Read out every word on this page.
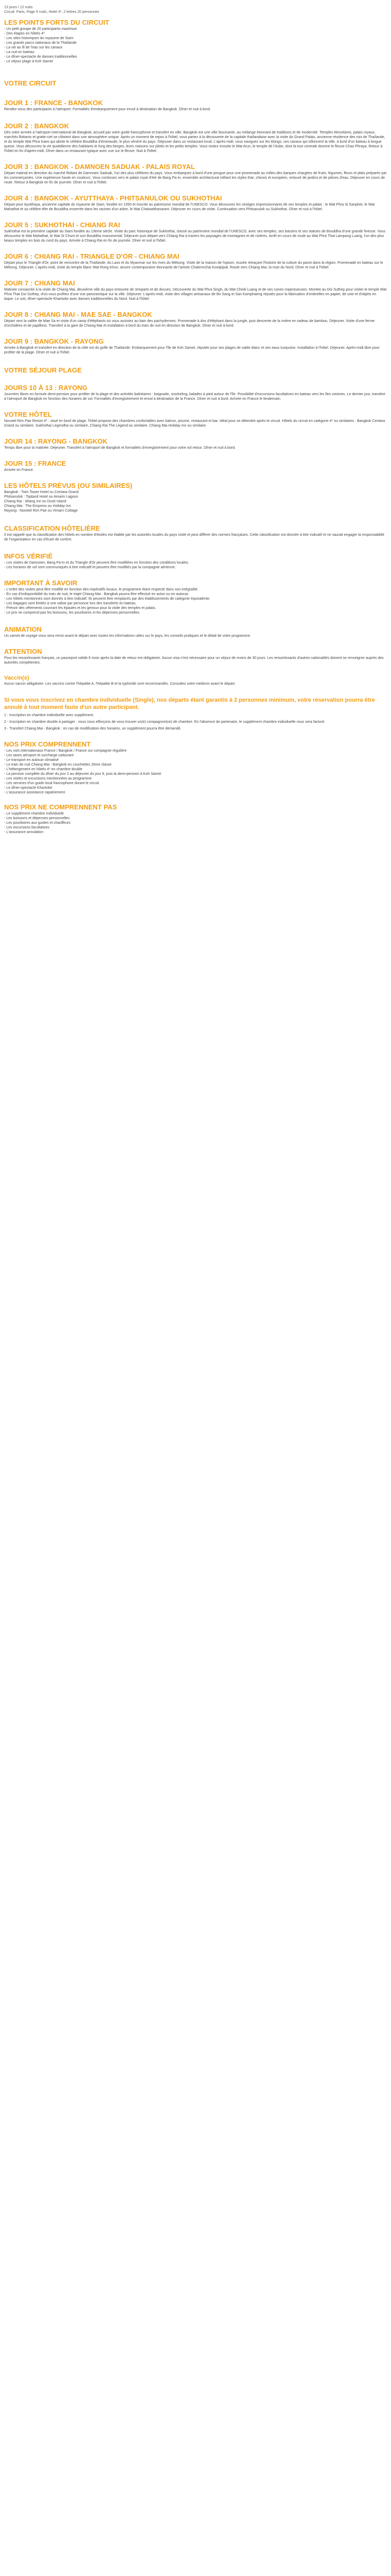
13 jours / 12 nuits

Circuit: Paris, Page 5 nuits, Hotel 4*, 2 lettres 20 personnes

LES POINTS FORTS DU CIRCUIT

- Un petit groupe de 20 participants maximum

- Des étapes en hôtels 4*

- Les sites historiques du royaume de Siam

- Les grands parcs nationaux de la Thaïlande

- La vie au fil de l'eau sur les canaux

- La nuit en bateau

- Le dîner-spectacle de danses traditionnelles

- Le séjour plage à Koh Samet

VOTRE CIRCUIT
JOUR 1 : FRANCE - BANGKOK

Rendez-vous des participants à l'aéroport. Formalités d'embarquement pour envol à destination de Bangkok. Dîner et nuit à bord.

JOUR 2 : BANGKOK

Dès votre arrivée à l'aéroport international de Bangkok, accueil par votre guide francophone et transfert en ville. Bangkok est une ville fascinante, au mélange étonnant de traditions et de modernité. Temples étincelants, palais royaux, marchés flottants et gratte-ciel se côtoient dans une atmosphère unique. Après un moment de repos à l'hôtel, vous partez à la découverte de la capitale thaïlandaise avec la visite du Grand Palais, ancienne résidence des rois de Thaïlande, et du temple Wat Phra Kaeo qui abrite le célèbre Bouddha d'émeraude, le plus vénéré du pays. Déjeuner dans un restaurant local. L'après-midi, vous naviguez sur les klongs, ces canaux qui sillonnent la ville, à bord d'un bateau à longue queue. Vous découvrez la vie quotidienne des habitants le long des berges, leurs maisons sur pilotis et les petits temples. Vous visitez ensuite le Wat Arun, le temple de l'Aube, dont la tour centrale domine le fleuve Chao Phraya. Retour à l'hôtel en fin d'après-midi. Dîner dans un restaurant typique avec vue sur le fleuve. Nuit à l'hôtel.

JOUR 3 : BANGKOK - DAMNOEN SADUAK - PALAIS ROYAL

Départ matinal en direction du marché flottant de Damnoen Saduak, l'un des plus célèbres du pays. Vous embarquez à bord d'une pirogue pour une promenade au milieu des barques chargées de fruits, légumes, fleurs et plats préparés par les commerçantes. Une expérience haute en couleurs. Vous continuez vers le palais royal d'été de Bang Pa-In, ensemble architectural mêlant les styles thaï, chinois et européen, entouré de jardins et de pièces d'eau. Déjeuner en cours de route. Retour à Bangkok en fin de journée. Dîner et nuit à l'hôtel.

JOUR 4 : BANGKOK - AYUTTHAYA - PHITSANULOK OU SUKHOTHAI

Départ pour Ayutthaya, ancienne capitale du royaume de Siam, fondée en 1350 et inscrite au patrimoine mondial de l'UNESCO. Vous découvrez les vestiges impressionnants de ses temples et palais : le Wat Phra Si Sanphet, le Wat Mahathat et sa célèbre tête de Bouddha enserrée dans les racines d'un arbre, le Wat Chaiwatthanaram. Déjeuner en cours de visite. Continuation vers Phitsanulok ou Sukhothai. Dîner et nuit à l'hôtel.

JOUR 5 : SUKHOTHAI - CHIANG RAI

Sukhothai est la première capitale du Siam fondée au 13ème siècle. Visite du parc historique de Sukhothai, classé au patrimoine mondial de l'UNESCO, avec ses temples, ses bassins et ses statues de Bouddha d'une grande finesse. Vous découvrez le Wat Mahathat, le Wat Si Chum et son Bouddha monumental. Déjeuner puis départ vers Chiang Rai à travers les paysages de montagnes et de rizières. Arrêt en cours de route au Wat Phra That Lampang Luang, l'un des plus beaux temples en bois du nord du pays. Arrivée à Chiang Rai en fin de journée. Dîner et nuit à l'hôtel.

JOUR 6 : CHIANG RAI - TRIANGLE D'OR - CHIANG MAI

Départ pour le Triangle d'Or, point de rencontre de la Thaïlande, du Laos et du Myanmar sur les rives du Mékong. Visite de la maison de l'opium, musée retraçant l'histoire de la culture du pavot dans la région. Promenade en bateau sur le Mékong. Déjeuner. L'après-midi, visite du temple blanc Wat Rong Khun, œuvre contemporaine étonnante de l'artiste Chalermchai Kositpipat. Route vers Chiang Mai, la rose du Nord. Dîner et nuit à l'hôtel.

JOUR 7 : CHIANG MAI

Matinée consacrée à la visite de Chiang Mai, deuxième ville du pays entourée de remparts et de douves. Découverte du Wat Phra Singh, du Wat Chedi Luang et de ses ruines majestueuses. Montée au Doi Suthep pour visiter le temple Wat Phra That Doi Suthep, d'où vous profitez d'une vue panoramique sur la ville. Déjeuner. L'après-midi, visite des villages artisanaux de Bo Sang et San Kamphaeng réputés pour la fabrication d'ombrelles en papier, de soie et d'objets en laque. Le soir, dîner-spectacle Khantoke avec danses traditionnelles du Nord. Nuit à l'hôtel.

JOUR 8 : CHIANG MAI - MAE SAE - BANGKOK

Départ vers la vallée de Mae Sa et visite d'un camp d'éléphants où vous assistez au bain des pachydermes. Promenade à dos d'éléphant dans la jungle, puis descente de la rivière en radeau de bambou. Déjeuner. Visite d'une ferme d'orchidées et de papillons. Transfert à la gare de Chiang Mai et installation à bord du train de nuit en direction de Bangkok. Dîner et nuit à bord.

JOUR 9 : BANGKOK - RAYONG

Arrivée à Bangkok et transfert en direction de la côte est du golfe de Thaïlande. Embarquement pour l'île de Koh Samet, réputée pour ses plages de sable blanc et ses eaux turquoise. Installation à l'hôtel. Déjeuner. Après-midi libre pour profiter de la plage. Dîner et nuit à l'hôtel.

VOTRE SÉJOUR PLAGE
JOURS 10 À 13 : RAYONG

Journées libres en formule demi-pension pour profiter de la plage et des activités balnéaires : baignade, snorkeling, balades à pied autour de l'île. Possibilité d'excursions facultatives en bateau vers les îles voisines. Le dernier jour, transfert à l'aéroport de Bangkok en fonction des horaires de vol. Formalités d'enregistrement et envol à destination de la France. Dîner et nuit à bord. Arrivée en France le lendemain.

VOTRE HÔTEL

Novotel Rim Pae Resort 4* : situé en bord de plage, l'hôtel propose des chambres confortables avec balcon, piscine, restaurant et bar. Idéal pour se détendre après le circuit. Hôtels du circuit en catégorie 4* ou similaires : Bangkok Centara Grand ou similaire, Sukhothai Legendha ou similaire, Chiang Rai The Legend ou similaire, Chiang Mai Holiday Inn ou similaire.

JOUR 14 : RAYONG - BANGKOK

Temps libre pour la matinée. Déjeuner. Transfert à l'aéroport de Bangkok et formalités d'enregistrement pour votre vol retour. Dîner et nuit à bord.

JOUR 15 : FRANCE

Arrivée en France.

LES HÔTELS PRÉVUS (OU SIMILAIRES)

Bangkok : Twin Tower Hotel ou Centara Grand

Phitsanulok : Topland Hotel ou Amarin Lagoon

Chiang Rai : Wiang Inn ou Dusit Island

Chiang Mai : The Empress ou Holiday Inn

Rayong : Novotel Rim Pae ou Vimarn Cottage

CLASSIFICATION HÔTELIÈRE

Il est rappelé que la classification des hôtels en nombre d'étoiles est établie par les autorités locales du pays visité et peut différer des normes françaises. Cette classification est donnée à titre indicatif et ne saurait engager la responsabilité de l'organisateur en cas d'écart de confort.

INFOS VÉRIFIÉ

- Les visites de Damnoen, Bang Pa-In et du Triangle d'Or peuvent être modifiées en fonction des conditions locales.

- Les horaires de vol sont communiqués à titre indicatif et peuvent être modifiés par la compagnie aérienne.

IMPORTANT À SAVOIR

- L'ordre des visites peut être modifié en fonction des impératifs locaux, le programme étant respecté dans son intégralité.

- En cas d'indisponibilité du train de nuit, le trajet Chiang Mai - Bangkok pourra être effectué en avion ou en autocar.

- Les hôtels mentionnés sont donnés à titre indicatif. Ils peuvent être remplacés par des établissements de catégorie équivalente.

- Les bagages sont limités à une valise par personne lors des transferts en bateau.

- Prévoir des vêtements couvrant les épaules et les genoux pour la visite des temples et palais.

- Le prix ne comprend pas les boissons, les pourboires ni les dépenses personnelles.

ANIMATION

Un carnet de voyage vous sera remis avant le départ avec toutes les informations utiles sur le pays, les conseils pratiques et le détail de votre programme.

ATTENTION

Pour les ressortissants français, un passeport valide 6 mois après la date de retour est obligatoire. Aucun visa n'est nécessaire pour un séjour de moins de 30 jours. Les ressortissants d'autres nationalités doivent se renseigner auprès des autorités compétentes.

Vaccin(s)

Aucun vaccin obligatoire. Les vaccins contre l'hépatite A, l'hépatite B et la typhoïde sont recommandés. Consultez votre médecin avant le départ.

Si vous vous inscrivez en chambre individuelle (Single), nos départs étant garantis à 2 personnes minimum, votre réservation pourra être annulé à tout moment faute d'un autre participant.

1 - Inscription en chambre individuelle avec supplément.

2 - Inscription en chambre double à partager : nous nous efforçons de vous trouver un(e) compagnon(ne) de chambre. En l'absence de partenaire, le supplément chambre individuelle vous sera facturé.

3 - Transfert Chiang Mai - Bangkok : en cas de modification des horaires, un supplément pourra être demandé.

NOS PRIX COMPRENNENT

- Les vols internationaux France / Bangkok / France sur compagnie régulière

- Les taxes aéroport et surcharge carburant

- Le transport en autocar climatisé

- Le train de nuit Chiang Mai - Bangkok en couchettes 2ème classe

- L'hébergement en hôtels 4* en chambre double

- La pension complète du dîner du jour 2 au déjeuner du jour 9, puis la demi-pension à Koh Samet

- Les visites et excursions mentionnées au programme

- Les services d'un guide local francophone durant le circuit

- Le dîner-spectacle Khantoke

- L'assurance assistance rapatriement

NOS PRIX NE COMPRENNENT PAS

- Le supplément chambre individuelle

- Les boissons et dépenses personnelles

- Les pourboires aux guides et chauffeurs

- Les excursions facultatives

- L'assurance annulation
